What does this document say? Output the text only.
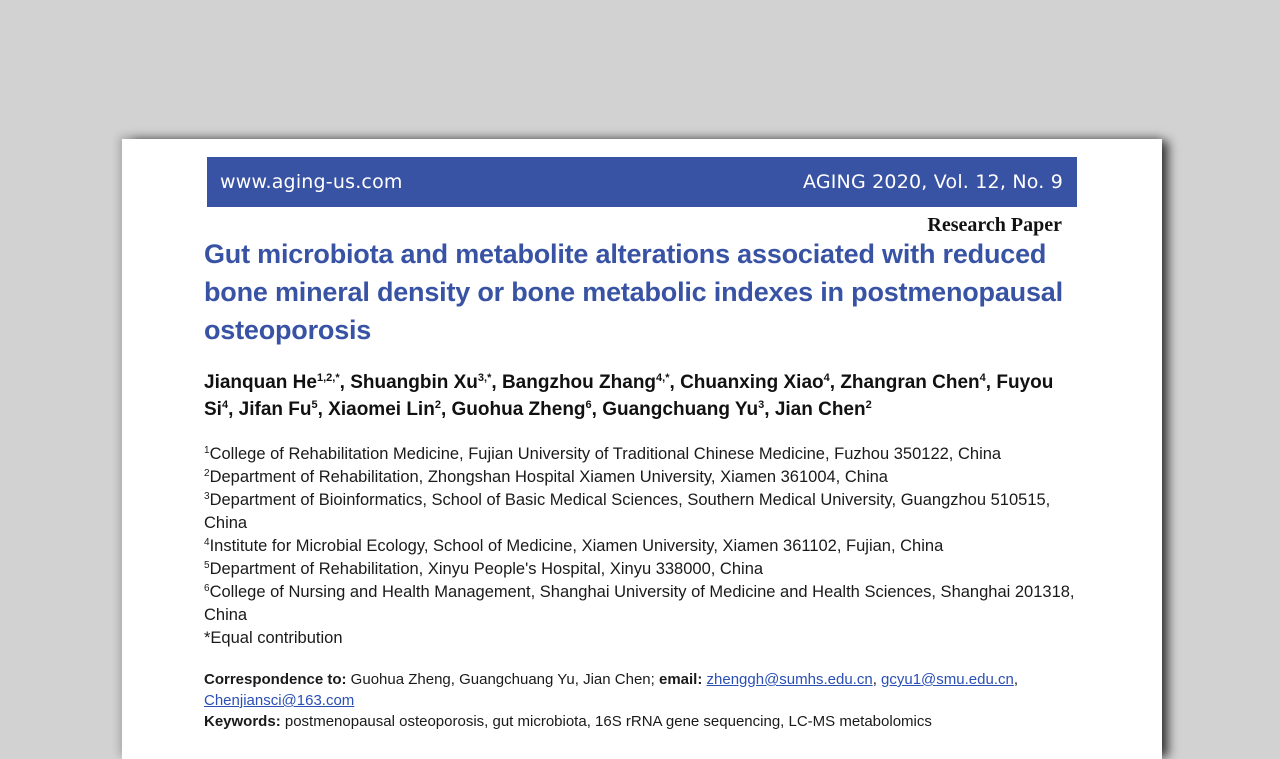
www.aging-us.com	AGING 2020, Vol. 12, No. 9
Research Paper
Gut microbiota and metabolite alterations associated with reduced bone mineral density or bone metabolic indexes in postmenopausal osteoporosis
Jianquan $He^{1,2,*}$, Shuangbin $Xu^{3,*}$, Bangzhou Zhang$^{4,*}$, Chuanxing Xiao$^4$, Zhangran Chen$^4$, Fuyou Si$^4$, Jifan Fu$^5$, Xiaomei Lin$^2$, Guohua Zheng$^6$, Guangchuang Yu$^3$, Jian Chen$^2$
$^1$College of Rehabilitation Medicine, Fujian University of Traditional Chinese Medicine, Fuzhou 350122, China
$^2$Department of Rehabilitation, Zhongshan Hospital Xiamen University, Xiamen 361004, China
$^3$Department of Bioinformatics, School of Basic Medical Sciences, Southern Medical University, Guangzhou 510515, China
$^4$Institute for Microbial Ecology, School of Medicine, Xiamen University, Xiamen 361102, Fujian, China
$^5$Department of Rehabilitation, Xinyu People's Hospital, Xinyu 338000, China
$^6$College of Nursing and Health Management, Shanghai University of Medicine and Health Sciences, Shanghai 201318, China
*Equal contribution
Correspondence to: Guohua Zheng, Guangchuang Yu, Jian Chen; email: zhenggh@sumhs.edu.cn, gcyu1@smu.edu.cn,
Chenjiansci@163.com
Keywords: postmenopausal osteoporosis, gut microbiota, 16S rRNA gene sequencing, LC-MS metabolomics
